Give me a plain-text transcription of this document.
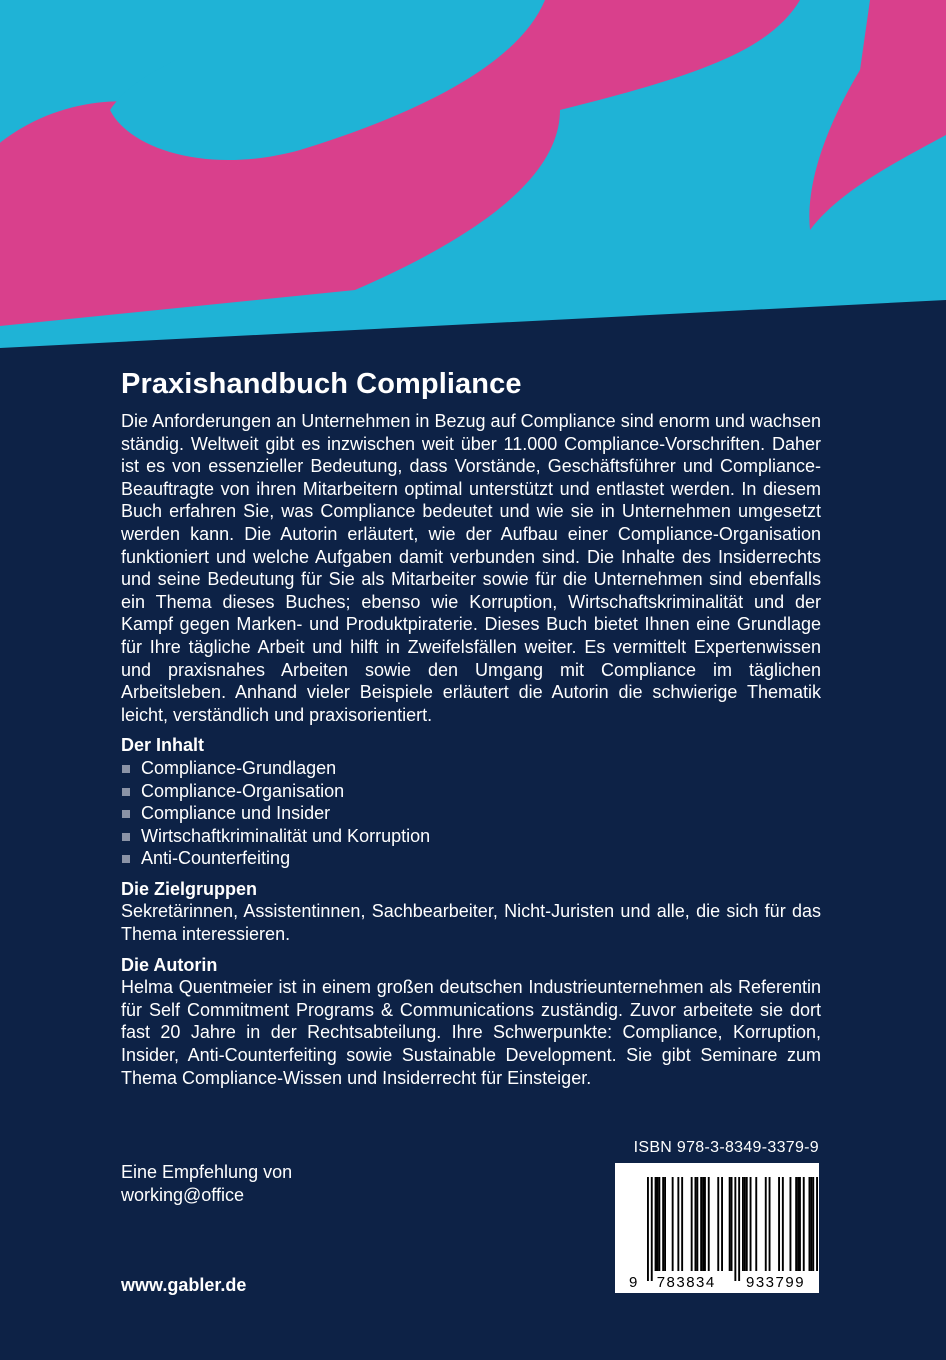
Praxishandbuch Compliance

Die Anforderungen an Unternehmen in Bezug auf Compliance sind enorm und wachsen ständig. Weltweit gibt es inzwischen weit über 11.000 Compliance-Vorschriften. Daher ist es von essenzieller Bedeutung, dass Vorstände, Geschäftsführer und Compliance-Beauftragte von ihren Mitarbeitern optimal unterstützt und entlastet werden. In diesem Buch erfahren Sie, was Compliance bedeutet und wie sie in Unternehmen umgesetzt werden kann. Die Autorin erläutert, wie der Aufbau einer Compliance-Organisation funktioniert und welche Aufgaben damit verbunden sind. Die Inhalte des Insiderrechts und seine Bedeutung für Sie als Mitarbeiter sowie für die Unternehmen sind ebenfalls ein Thema dieses Buches; ebenso wie Korruption, Wirtschaftskriminalität und der Kampf gegen Marken- und Produktpiraterie. Dieses Buch bietet Ihnen eine Grundlage für Ihre tägliche Arbeit und hilft in Zweifelsfällen weiter. Es vermittelt Expertenwissen und praxisnahes Arbeiten sowie den Umgang mit Compliance im täglichen Arbeitsleben. Anhand vieler Beispiele erläutert die Autorin die schwierige Thematik leicht, verständlich und praxisorientiert.

Der Inhalt
Compliance-Grundlagen
Compliance-Organisation
Compliance und Insider
Wirtschaftkriminalität und Korruption
Anti-Counterfeiting
Die Zielgruppen

Sekretärinnen, Assistentinnen, Sachbearbeiter, Nicht-Juristen und alle, die sich für das Thema interessieren.

Die Autorin

Helma Quentmeier ist in einem großen deutschen Industrieunternehmen als Referentin für Self Commitment Programs & Communications zuständig. Zuvor arbeitete sie dort fast 20 Jahre in der Rechtsabteilung. Ihre Schwerpunkte: Compliance, Korruption, Insider, Anti-Counterfeiting sowie Sustainable Development. Sie gibt Seminare zum Thema Compliance-Wissen und Insiderrecht für Einsteiger.

ISBN 978-3-8349-3379-9
9 783834 933799
Eine Empfehlung von
working@office
www.gabler.de
